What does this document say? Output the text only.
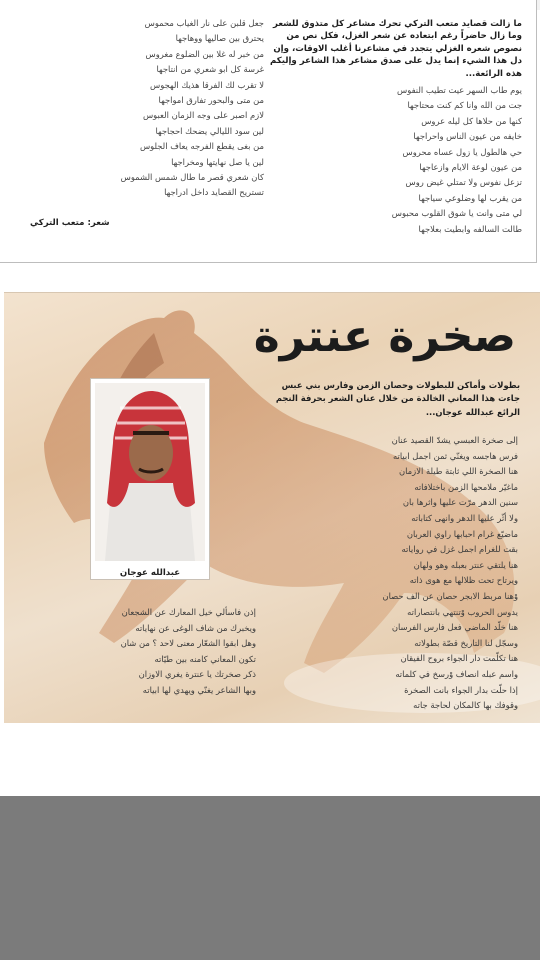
ما زالت قصايد متعب التركي تحرك مشاعر كل متذوق للشعر وما زال حاضراً رغم ابتعاده عن شعر الغزل، فكل نص من نصوص شعره الغزلي يتجدد في مشاعرنا أغلب الاوقات، وإن دل هذا الشيء إنما يدل على صدق مشاعر هذا الشاعر وإليكم هذه الرائعة...
يوم طاب السهر عيت تطيب النفوس
جت من الله وانا كم كنت محتاجها
كنها من حلاها كل ليله عروس
خايفه من عيون الناس واحراجها
حي هالطول يا زول عساه محروس
من عيون لوعة الايام وازعاجها
تزعل نفوس ولا تمتلي غيض روس
من يقرب لها وضلوعي سياجها
لي متى وانت يا شوق القلوب محبوس
طالت السالفه وابطيت بعلاجها
جعل قلبن على نار الغياب محموس
يحترق بين صاليها ووهاجها
من خبر له غلا بين الضلوع مغروس
غرسة كل ابو شعري من انتاجها
لا تقرب لك الفرقا هذيك الهجوس
من متى والبحور تفارق امواجها
لازم اصبر على وجه الزمان العبوس
لين سود الليالي يضحك احجاجها
من بغى يقطع الفرجه يعاف الجلوس
لين يا صل نهايتها ومخراجها
كان شعري قصر ما طال شمس الشموس
تستريح القصايد داخل ادراجها
شعر: متعب التركي
صخرة عنترة
بطولات وأماكن للبطولات وحصان الزمن وفارس بني عبس جاءت هذا المعاني الخالدة من خلال عنان الشعر بحرفة النجم الرائع عبدالله عوجان...
عبدالله عوجان
إلى صخرة العبسي يشدّ القصيد عنان
فرس هاجسه ويغنّي ثمن اجمل ابياته
هنا الصخرة اللي ثابتة طيلة الازمان
ماغيّر ملامحها الزمن باختلافاته
سنين الدهر مرّت عليها واثرها بان
ولا أثّر عليها الدهر وانهى كتاباته
ماضيّع غرام احبابها راوي العربان
بقت للغرام اجمل غزل في رواياته
هنا يلتقي عنتر بعبله وهو ولهان
ويرتاح تحت ظلالها مع هوى ذاته
وْهنا مربط الابجر حصان عن الف حصان
يدوس الحروب وْتنتهي بانتصاراته
هنا خلّد الماضي فعل فارس الفرسان
وسجّل لنا التاريخ قصّة بطولاته
هنا تكلّمت دار الجواء بروح الفيقان
واسم عبله انصاف وْرسخ في كلماته
إذا حلّت بدار الجواء بانت الصخرة
وقوفك بها كالمكان لحاجة جاته
إذن فاسألي خيل المعارك عن الشجعان
ويخبرك من شاف الوغى عن نهاياته
وهل ابقوا الشعّار معنى لاحد ؟ من شان
تكون المعاني كامنه بين طيّاته
ذكر صخرتك يا عنترة يغري الاوزان
وبها الشاعر يغنّي ويهدي لها ابياته
